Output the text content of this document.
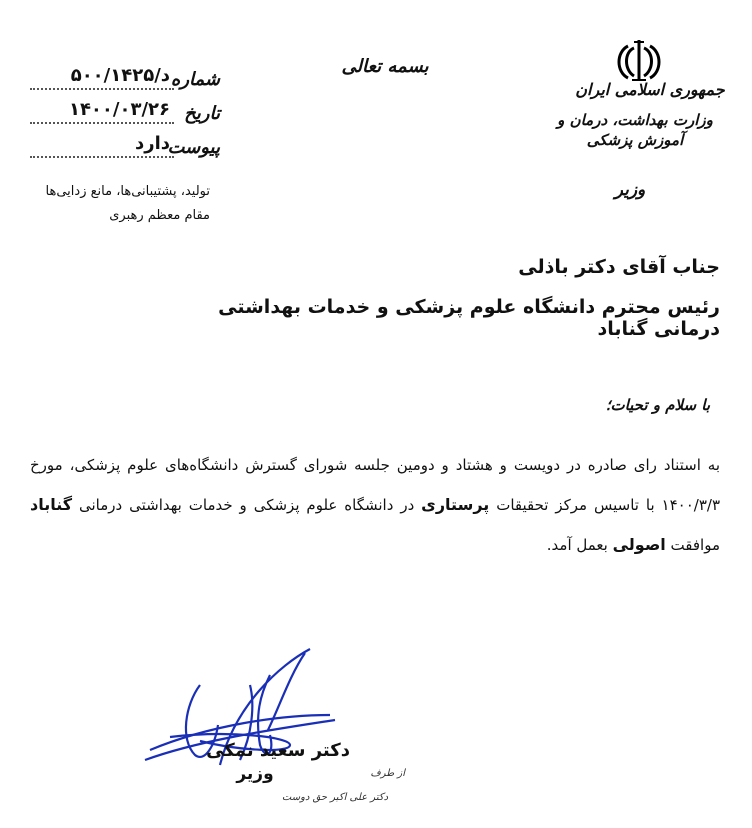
جمهوری اسلامی ایران
وزارت بهداشت، درمان و آموزش پزشکی
وزیر
بسمه تعالی
شماره
د/۵۰۰/۱۴۲۵
تاریخ
۱۴۰۰/۰۳/۲۶
پیوست
دارد
تولید، پشتیبانی‌ها، مانع زدایی‌ها
مقام معظم رهبری
جناب آقای دکتر باذلی
رئیس محترم دانشگاه علوم پزشکی و خدمات بهداشتی درمانی گناباد
با سلام و تحیات؛
به استناد رای صادره در دویست و هشتاد و دومین جلسه شورای گسترش دانشگاه‌های علوم پزشکی، مورخ ۱۴۰۰/۳/۳ با تاسیس مرکز تحقیقات پرستاری در دانشگاه علوم پزشکی و خدمات بهداشتی درمانی گناباد موافقت اصولی بعمل آمد.
دکتر سعید نمکی
وزیر	از طرف
دکتر علی اکبر حق دوست
